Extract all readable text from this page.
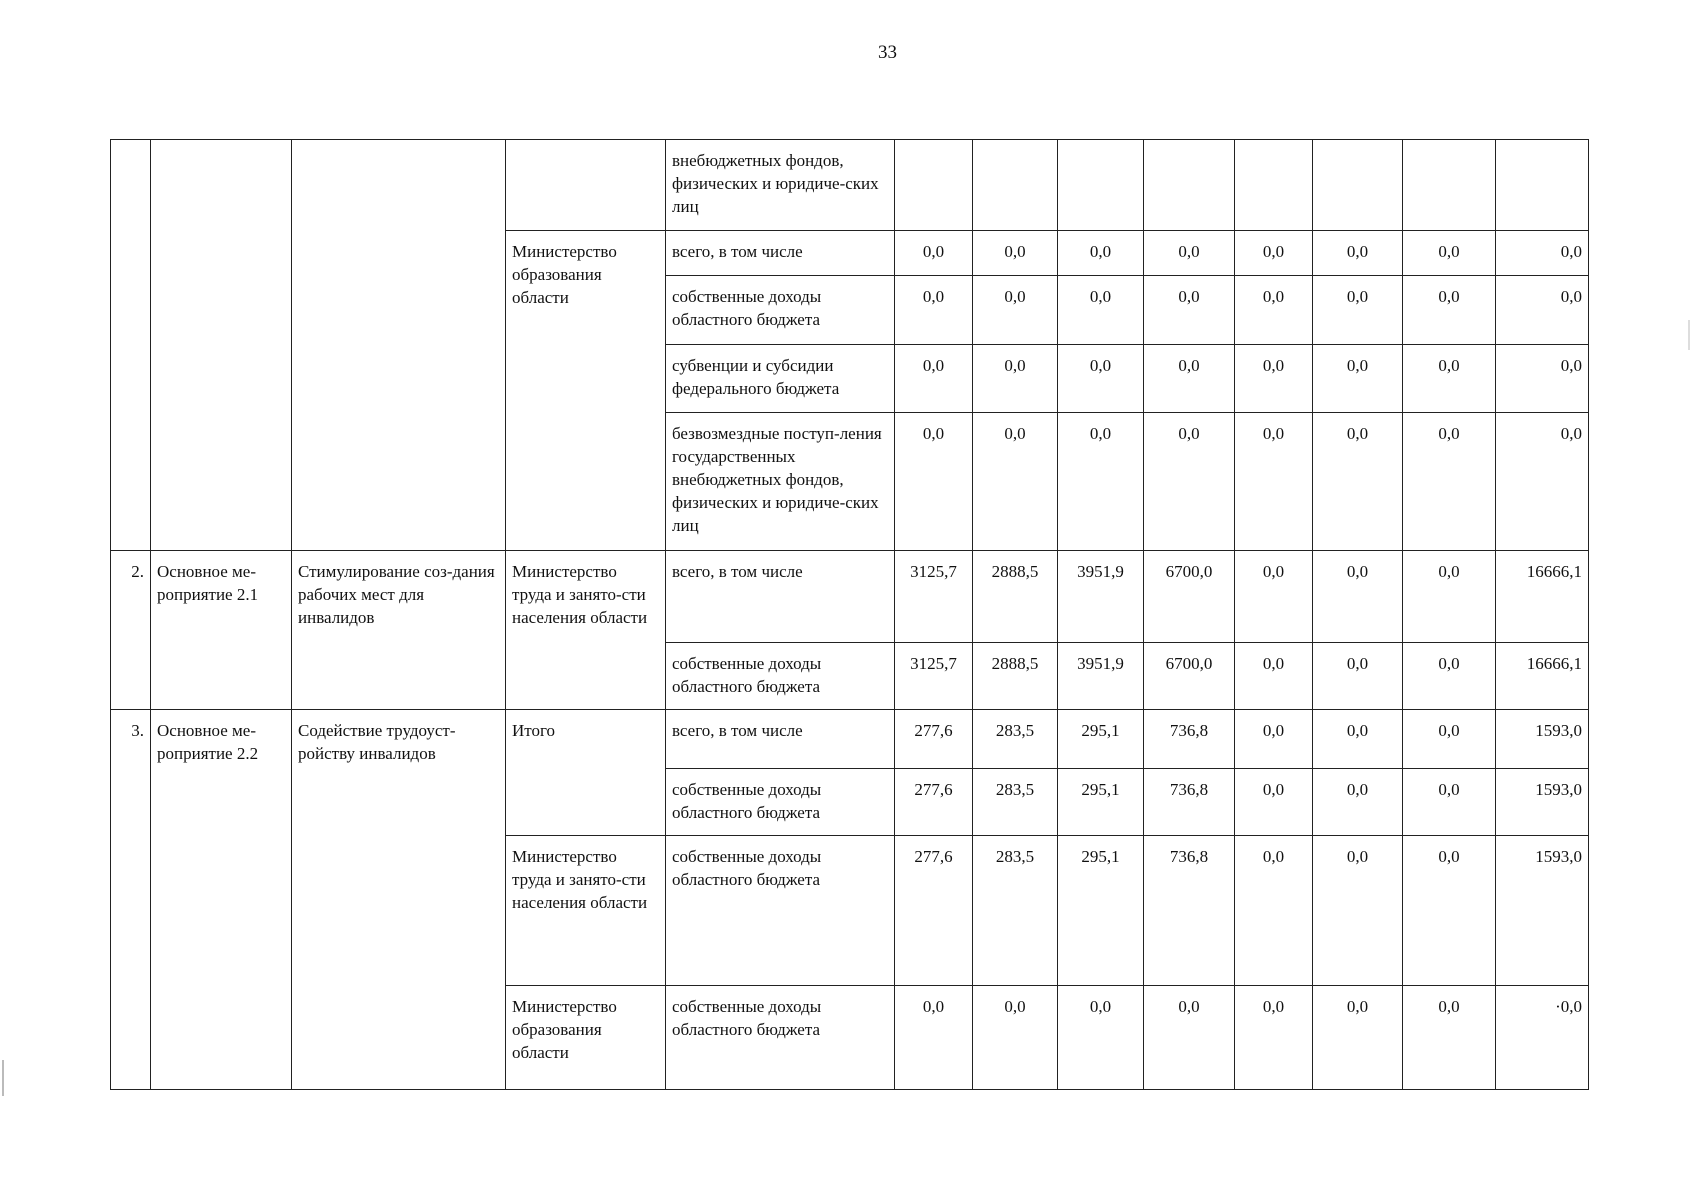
33
				внебюджетных фондов, физических и юридиче-ских лиц								
			Министерство образования области	всего, в том числе	0,0	0,0	0,0	0,0	0,0	0,0	0,0	0,0
				собственные доходы областного бюджета	0,0	0,0	0,0	0,0	0,0	0,0	0,0	0,0
				субвенции и субсидии федерального бюджета	0,0	0,0	0,0	0,0	0,0	0,0	0,0	0,0
				безвозмездные поступ-ления государственных внебюджетных фондов, физических и юридиче-ских лиц	0,0	0,0	0,0	0,0	0,0	0,0	0,0	0,0
2.	Основное ме-роприятие 2.1	Стимулирование соз-дания рабочих мест для инвалидов	Министерство труда и занято-сти населения области	всего, в том числе	3125,7	2888,5	3951,9	6700,0	0,0	0,0	0,0	16666,1
				собственные доходы областного бюджета	3125,7	2888,5	3951,9	6700,0	0,0	0,0	0,0	16666,1
3.	Основное ме-роприятие 2.2	Содействие трудоуст-ройству инвалидов	Итого	всего, в том числе	277,6	283,5	295,1	736,8	0,0	0,0	0,0	1593,0
				собственные доходы областного бюджета	277,6	283,5	295,1	736,8	0,0	0,0	0,0	1593,0
			Министерство труда и занято-сти населения области	собственные доходы областного бюджета	277,6	283,5	295,1	736,8	0,0	0,0	0,0	1593,0
			Министерство образования области	собственные доходы областного бюджета	0,0	0,0	0,0	0,0	0,0	0,0	0,0	·0,0
